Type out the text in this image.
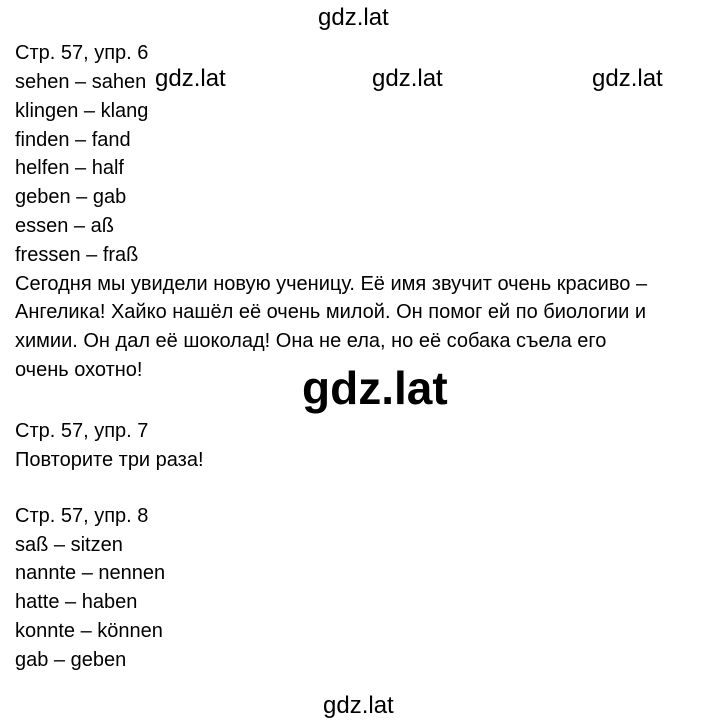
gdz.lat
gdz.lat	gdz.lat	gdz.lat
gdz.lat
gdz.lat
Стр. 57, упр. 6
sehen – sahen
klingen – klang
finden – fand
helfen – half
geben – gab
essen – aß
fressen – fraß
Сегодня мы увидели новую ученицу. Её имя звучит очень красиво –
Ангелика! Хайко нашёл её очень милой. Он помог ей по биологии и
химии. Он дал её шоколад! Она не ела, но её собака съела его
очень охотно!
Стр. 57, упр. 7
Повторите три раза!
Стр. 57, упр. 8
saß – sitzen
nannte – nennen
hatte – haben
konnte – können
gab – geben
